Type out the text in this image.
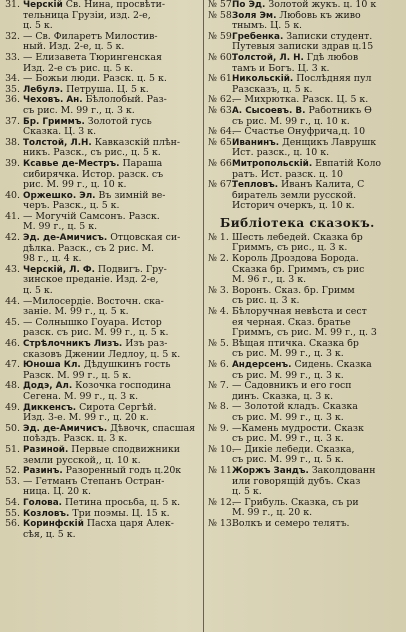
31. Черскiй Св. Нина, просвѣти-
тельница Грузiи, изд. 2-е,
ц. 5 к.
32. — Св. Филаретъ Милостив-
ный. Изд. 2-е, ц. 5 к.
33. — Елизавета Тюрингенская
Изд. 2-е съ рис. ц. 5 к.
34. — Божьи люди. Разск. ц. 5 к.
35. Лебулэ. Петруша. Ц. 5 к.
36. Чеховъ. Ан. Бѣлолобый. Раз-
съ рис. М. 99 г., ц. 3 к.
37. Бр. Гриммъ. Золотой гусь
Сказка. Ц. 3 к.
38. Толстой, Л.Н. Кавказскiй плѣн-
никъ. Разск., съ рис., ц. 5 к.
39. Ксавье де-Местръ. Параша
сибирячка. Истор. разск. съ
рис. М. 99 г., ц. 10 к.
40. Оржешко. Эл. Въ зимнiй ве-
черъ. Разск., ц. 5 к.
41. — Могучiй Самсонъ. Разск.
М. 99 г., ц. 5 к.
42. Эд. де-Амичисъ. Отцовская си-
дѣлка. Разск., съ 2 рис. М.
98 г., ц. 4 к.
43. Черскiй, Л. Ф. Подвигъ. Гру-
зинское преданiе. Изд. 2-е,
ц. 5 к.
44. —Милосердiе. Восточн. ска-
занiе. М. 99 г., ц. 5 к.
45. — Солнышко Гоуара. Истор
разск. съ рис. М. 99 г., ц. 5 к.
46. Стрѣлочникъ Лизъ. Изъ раз-
сказовъ Джении Ледлоу, ц. 5 к.
47. Юноша Кл. Дѣдушкинъ гость
Разск. М. 99 г., ц. 5 к.
48. Додэ, Ал. Козочка господина
Сегена. М. 99 г., ц. 3 к.
49. Диккенсъ. Сирота Сергѣй.
Изд. 3-е. М. 99 г., ц. 20 к.
50. Эд. де-Амичисъ. Дѣвочк, спасшая
поѣздъ. Разск. ц. 3 к.
51. Разиной. Первые сподвижники
земли русской,, ц. 10 к.
52. Разинъ. Разоренный годъ ц.20к
53. — Гетманъ Степанъ Остран-
ница. Ц. 20 к.
54. Голова. Петина просьба, ц. 5 к.
55. Козловъ. Три поэмы. Ц. 15 к.
56. Коринфскiй Пасха царя Алек-
сѣя, ц. 5 к.
№ 57.
По Эд. Золотой жукъ. ц. 10 к
№ 58.
Золя Эм. Любовь къ живо
тнымъ. Ц. 5 к.
№ 59.
Гребенка. Записки студент.
Путевыя записки здрав ц.15
№ 60.
Толстой, Л. Н. Гдѣ любов
тамъ и Богъ. Ц. 3 к.
№ 61.
Никольскiй. Послѣдняя пул
Разсказъ, ц. 5 к.
№ 62.
— Михрютка. Разск. Ц. 5 к.
№ 63.
А. Сысоевъ. В. Работникъ Ө
съ рис. М. 99 г., ц. 10 к.
№ 64.
— Счастье Онуфрича,ц. 10
№ 65.
Иванинъ. Денщикъ Лаврушк
Ист. разск., ц. 10 к.
№ 66.
Митропольскiй. Евпатiй Коло
ратъ. Ист. разск. ц. 10
№ 67.
Тепловъ. Иванъ Калита, С
биратель земли русской.
Историч очеркъ, ц. 10 к.
Библiотека сказокъ.
№ 1. Шесть лебедей. Сказка бр
Гриммъ, съ рис., ц. 3 к.
№ 2. Король Дроздова Борода.
Сказка бр. Гриммъ, съ рис
М. 96 г., ц. 3 к.
№ 3. Воронъ. Сказ. бр. Гримм
съ рис. ц. 3 к.
№ 4. Бѣлоручная невѣста и сест
ея черная. Сказ. братье
Гриммъ, съ рис. М. 99 г., ц. 3
№ 5. Вѣщая птичка. Сказка бр
съ рис. М. 99 г., ц. 3 к.
№ 6. Андерсенъ. Сидень. Сказка
съ рис. М. 99 г., ц. 3 к.
№ 7. — Садовникъ и его госп
динъ. Сказка, ц. 3 к.
№ 8. — Золотой кладъ. Сказка
съ рис. М. 99 г., ц. 3 к.
№ 9. —Камень мудрости. Сказк
съ рис. М. 99 г., ц. 3 к.
№ 10.
— Дикiе лебеди. Сказка,
съ рис. М. 99 г., ц. 5 к.
№ 11.
Жоржъ Зандъ. Заколдованн
или говорящiй дубъ. Сказ
ц. 5 к.
№ 12.
— Грибуль. Сказка, съ ри
М. 99 г., ц. 20 к.
№ 13.
Волкъ и семеро телятъ.
